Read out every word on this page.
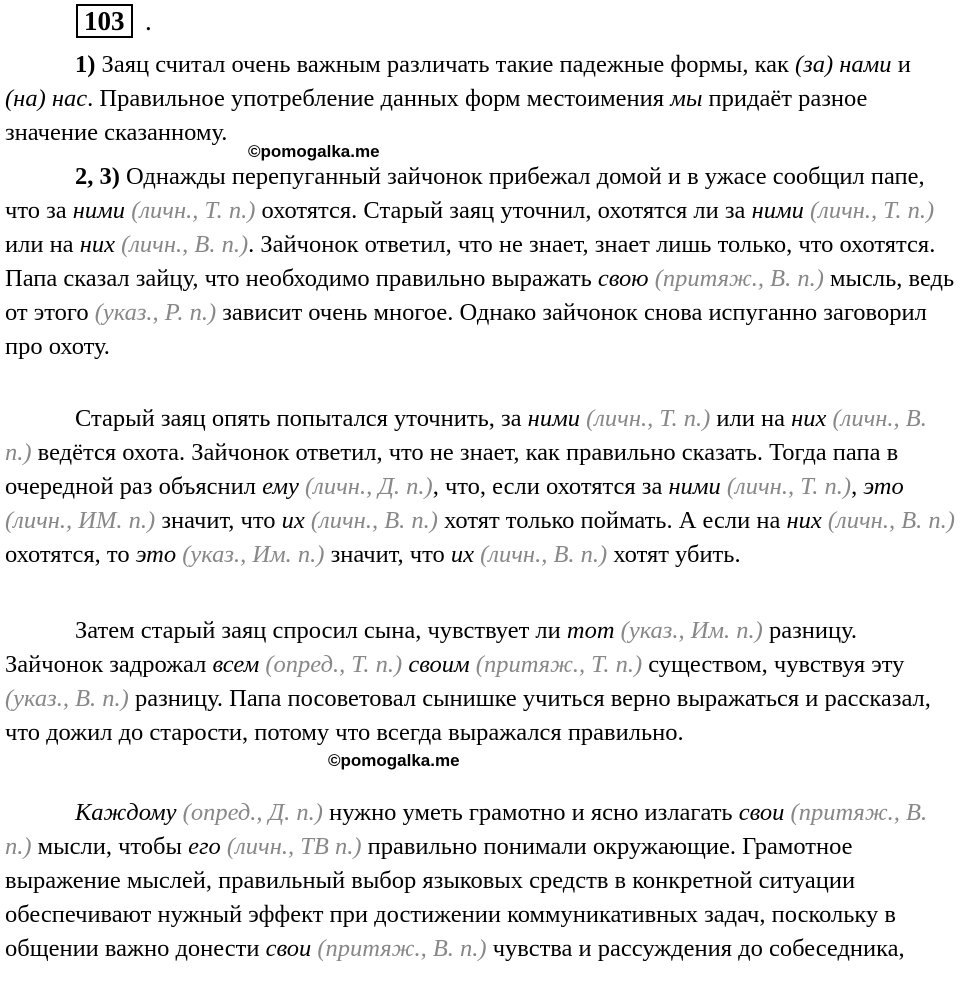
103 .

1) Заяц считал очень важным различать такие падежные формы, как (за) нами и (на) нас. Правильное употребление данных форм местоимения мы придаёт разное значение сказанному.

©pomogalka.me

2, 3) Однажды перепуганный зайчонок прибежал домой и в ужасе сообщил папе, что за ними (личн., Т. п.) охотятся. Старый заяц уточнил, охотятся ли за ними (личн., Т. п.) или на них (личн., В. п.). Зайчонок ответил, что не знает, знает лишь только, что охотятся. Папа сказал зайцу, что необходимо правильно выражать свою (притяж., В. п.) мысль, ведь от этого (указ., Р. п.) зависит очень многое. Однако зайчонок снова испуганно заговорил про охоту.

Старый заяц опять попытался уточнить, за ними (личн., Т. п.) или на них (личн., В. п.) ведётся охота. Зайчонок ответил, что не знает, как правильно сказать. Тогда папа в очередной раз объяснил ему (личн., Д. п.), что, если охотятся за ними (личн., Т. п.), это (личн., ИМ. п.) значит, что их (личн., В. п.) хотят только поймать. А если на них (личн., В. п.) охотятся, то это (указ., Им. п.) значит, что их (личн., В. п.) хотят убить.

Затем старый заяц спросил сына, чувствует ли тот (указ., Им. п.) разницу. Зайчонок задрожал всем (опред., Т. п.) своим (притяж., Т. п.) существом, чувствуя эту (указ., В. п.) разницу. Папа посоветовал сынишке учиться верно выражаться и рассказал, что дожил до старости, потому что всегда выражался правильно.

©pomogalka.me

Каждому (опред., Д. п.) нужно уметь грамотно и ясно излагать свои (притяж., В. п.) мысли, чтобы его (личн., ТВ п.) правильно понимали окружающие. Грамотное выражение мыслей, правильный выбор языковых средств в конкретной ситуации обеспечивают нужный эффект при достижении коммуникативных задач, поскольку в общении важно донести свои (притяж., В. п.) чувства и рассуждения до собеседника,
